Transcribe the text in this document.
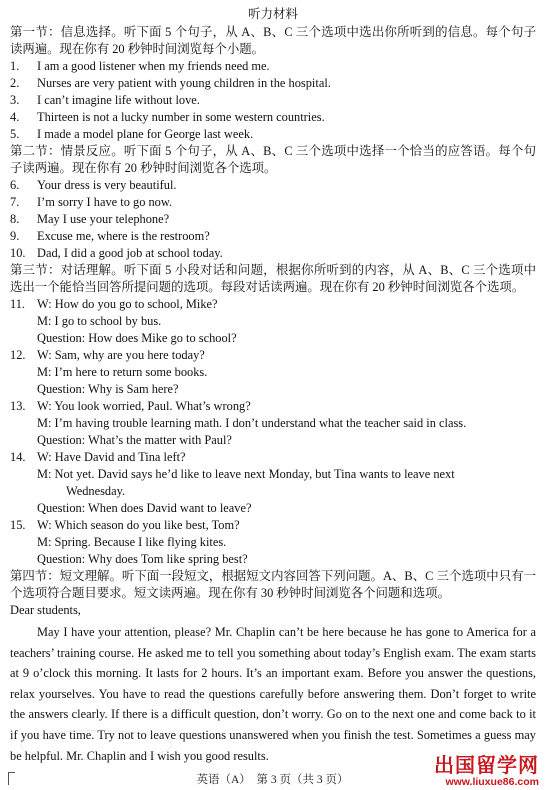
听力材料
第一节：信息选择。听下面 5 个句子，从 A、B、C 三个选项中选出你所听到的信息。每个句子读两遍。现在你有 20 秒钟时间浏览每个小题。
1.	I am a good listener when my friends need me.
2.	Nurses are very patient with young children in the hospital.
3.	I can’t imagine life without love.
4.	Thirteen is not a lucky number in some western countries.
5.	I made a model plane for George last week.
第二节：情景反应。听下面 5 个句子，从 A、B、C 三个选项中选择一个恰当的应答语。每个句子读两遍。现在你有 20 秒钟时间浏览各个选项。
6.	Your dress is very beautiful.
7.	I’m sorry I have to go now.
8.	May I use your telephone?
9.	Excuse me, where is the restroom?
10. Dad, I did a good job at school today.
第三节：对话理解。听下面 5 小段对话和问题，根据你所听到的内容，从 A、B、C 三个选项中选出一个能恰当回答所提问题的选项。每段对话读两遍。现在你有 20 秒钟时间浏览各个选项。
11. W: How do you go to school, Mike?
M: I go to school by bus.
Question: How does Mike go to school?
12. W: Sam, why are you here today?
M: I’m here to return some books.
Question: Why is Sam here?
13. W: You look worried, Paul. What’s wrong?
M: I’m having trouble learning math. I don’t understand what the teacher said in class.
Question: What’s the matter with Paul?
14. W: Have David and Tina left?
M: Not yet. David says he’d like to leave next Monday, but Tina wants to leave next
Wednesday.
Question: When does David want to leave?
15. W: Which season do you like best, Tom?
M: Spring. Because I like flying kites.
Question: Why does Tom like spring best?
第四节：短文理解。听下面一段短文，根据短文内容回答下列问题。A、B、C 三个选项中只有一个选项符合题目要求。短文读两遍。现在你有 30 秒钟时间浏览各个问题和选项。
Dear students,
May I have your attention, please? Mr. Chaplin can’t be here because he has gone to America for a teachers’ training course. He asked me to tell you something about today’s English exam. The exam starts at 9 o’clock this morning. It lasts for 2 hours. It’s an important exam. Before you answer the questions, relax yourselves. You have to read the questions carefully before answering them. Don’t forget to write the answers clearly. If there is a difficult question, don’t worry. Go on to the next one and come back to it if you have time. Try not to leave questions unanswered when you finish the test. Sometimes a guess may be helpful. Mr. Chaplin and I wish you good results.
英语（A）　第 3 页（共 3 页）
出国留学网
www.liuxue86.com
